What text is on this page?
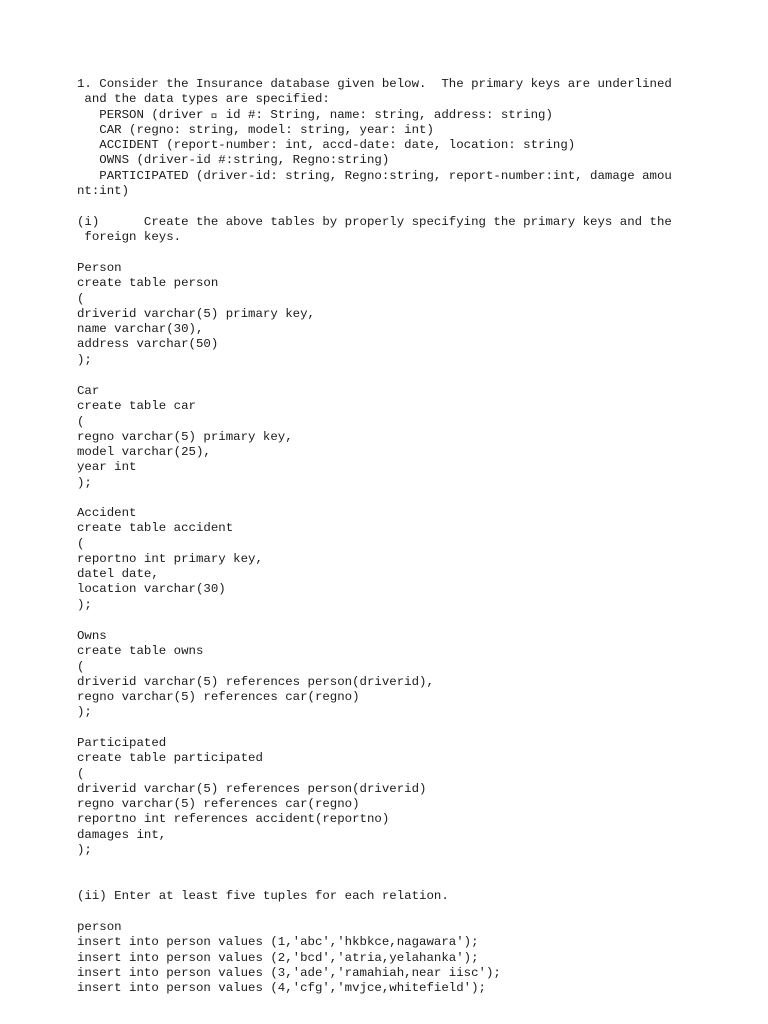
1. Consider the Insurance database given below.  The primary keys are underlined
and the data types are specified:
PERSON (driver   id #: String, name: string, address: string)
CAR (regno: string, model: string, year: int)
ACCIDENT (report-number: int, accd-date: date, location: string)
OWNS (driver-id #:string, Regno:string)
PARTICIPATED (driver-id: string, Regno:string, report-number:int, damage amou
nt:int)
(i)      Create the above tables by properly specifying the primary keys and the
foreign keys.
Person
create table person
(
driverid varchar(5) primary key,
name varchar(30),
address varchar(50)
);
Car
create table car
(
regno varchar(5) primary key,
model varchar(25),
year int
);
Accident
create table accident
(
reportno int primary key,
datel date,
location varchar(30)
);
Owns
create table owns
(
driverid varchar(5) references person(driverid),
regno varchar(5) references car(regno)
);
Participated
create table participated
(
driverid varchar(5) references person(driverid)
regno varchar(5) references car(regno)
reportno int references accident(reportno)
damages int,
);
(ii) Enter at least five tuples for each relation.
person
insert into person values (1,'abc','hkbkce,nagawara');
insert into person values (2,'bcd','atria,yelahanka');
insert into person values (3,'ade','ramahiah,near iisc');
insert into person values (4,'cfg','mvjce,whitefield');
